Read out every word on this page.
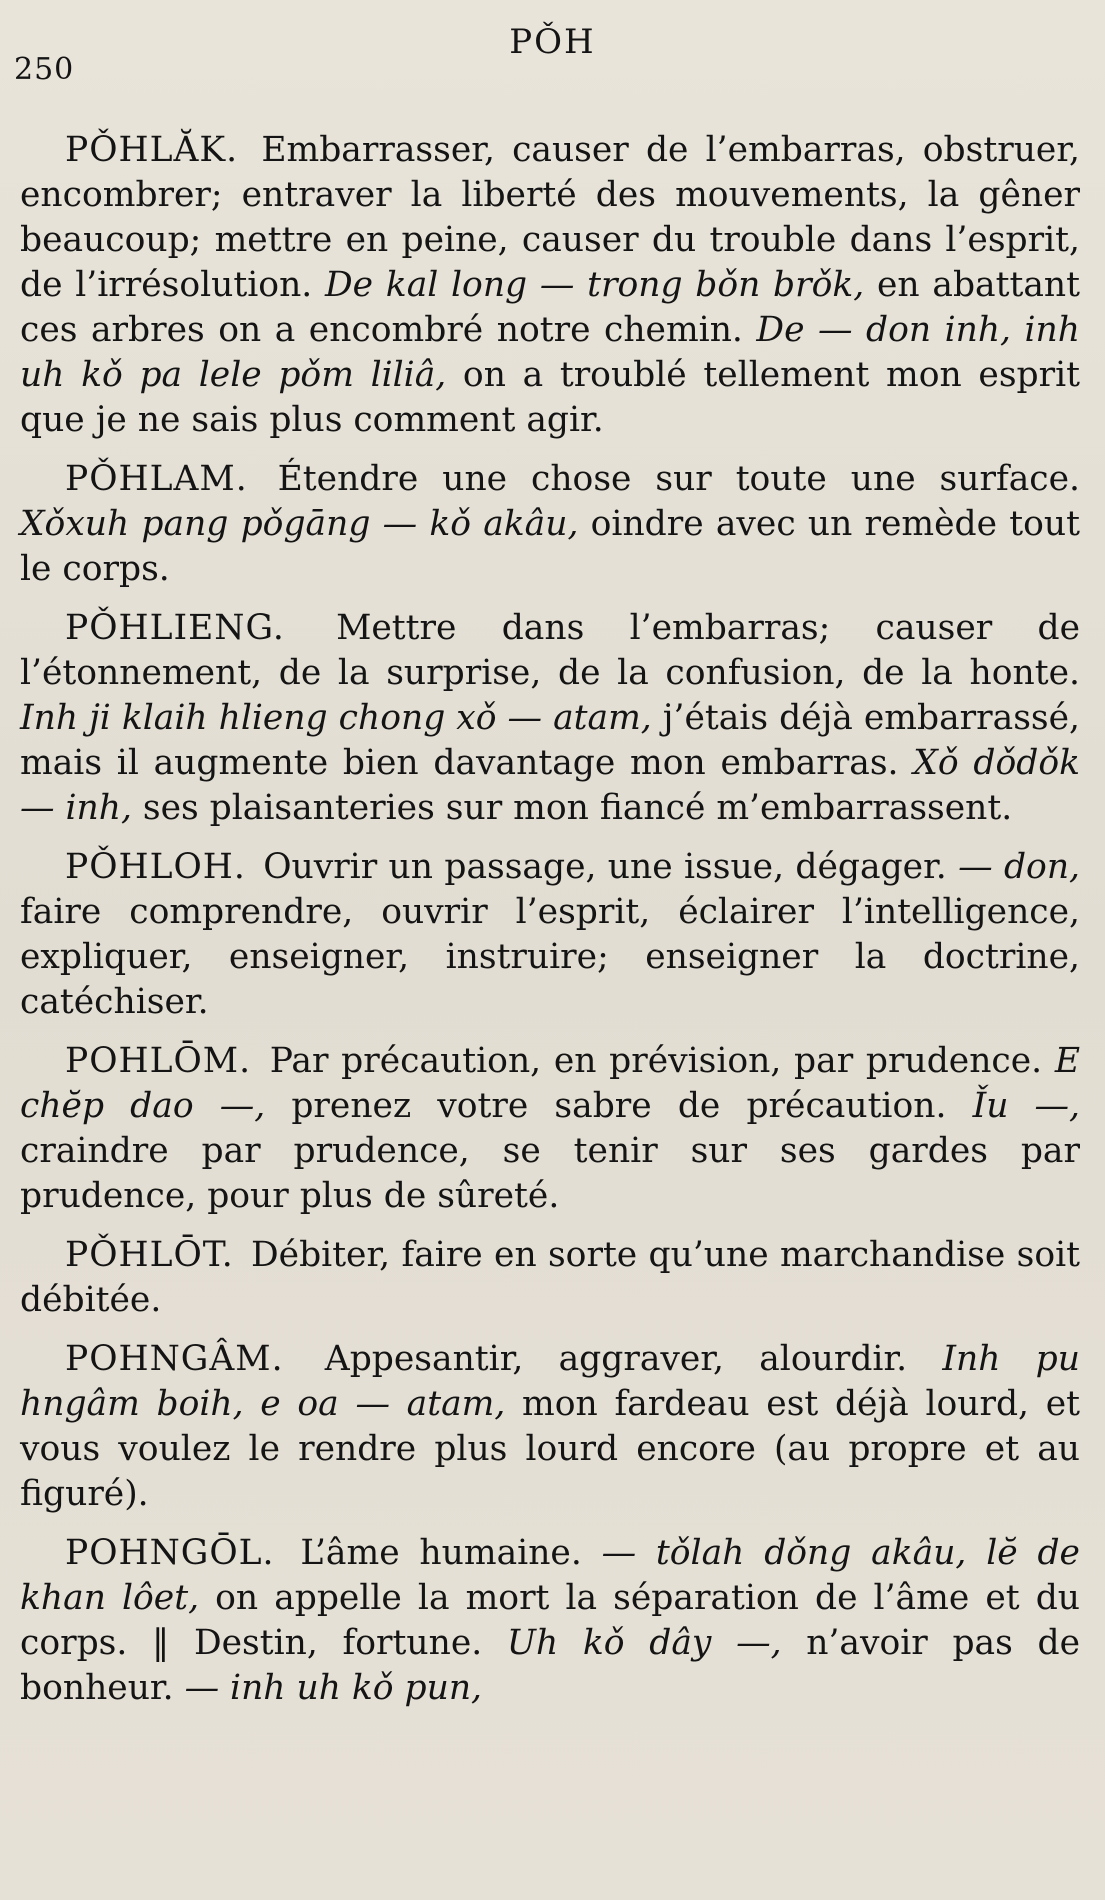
250
PǑH

PǑHLĂK. Embarrasser, causer de l’embarras, obstruer, encombrer; entraver la liberté des mouvements, la gêner beaucoup; mettre en peine, causer du trouble dans l’esprit, de l’irrésolution. De kal long — trong bǒn brǒk, en abattant ces arbres on a encombré notre chemin. De — don inh, inh uh kǒ pa lele pǒm liliâ, on a troublé tellement mon esprit que je ne sais plus comment agir.

PǑHLAM. Étendre une chose sur toute une surface. Xǒxuh pang pǒgāng — kǒ akâu, oindre avec un remède tout le corps.

PǑHLIENG. Mettre dans l’embarras; causer de l’étonnement, de la surprise, de la confusion, de la honte. Inh ji klaih hlieng chong xǒ — atam, j’étais déjà embarrassé, mais il augmente bien davantage mon embarras. Xǒ dǒdǒk — inh, ses plaisanteries sur mon fiancé m’embarrassent.

PǑHLOH. Ouvrir un passage, une issue, dégager. — don, faire comprendre, ouvrir l’esprit, éclairer l’intelligence, expliquer, enseigner, instruire; enseigner la doctrine, catéchiser.

POHLŌM. Par précaution, en prévision, par prudence. E chĕp dao —, prenez votre sabre de précaution. Ǐu —, craindre par prudence, se tenir sur ses gardes par prudence, pour plus de sûreté.

PǑHLŌT. Débiter, faire en sorte qu’une marchandise soit débitée.

POHNGÂM. Appesantir, aggraver, alourdir. Inh pu hngâm boih, e oa — atam, mon fardeau est déjà lourd, et vous voulez le rendre plus lourd encore (au propre et au figuré).

POHNGŌL. L’âme humaine. — tǒlah dǒng akâu, lĕ de khan lôet, on appelle la mort la séparation de l’âme et du corps. ‖ Destin, fortune. Uh kǒ dây —, n’avoir pas de bonheur. — inh uh kǒ pun,
